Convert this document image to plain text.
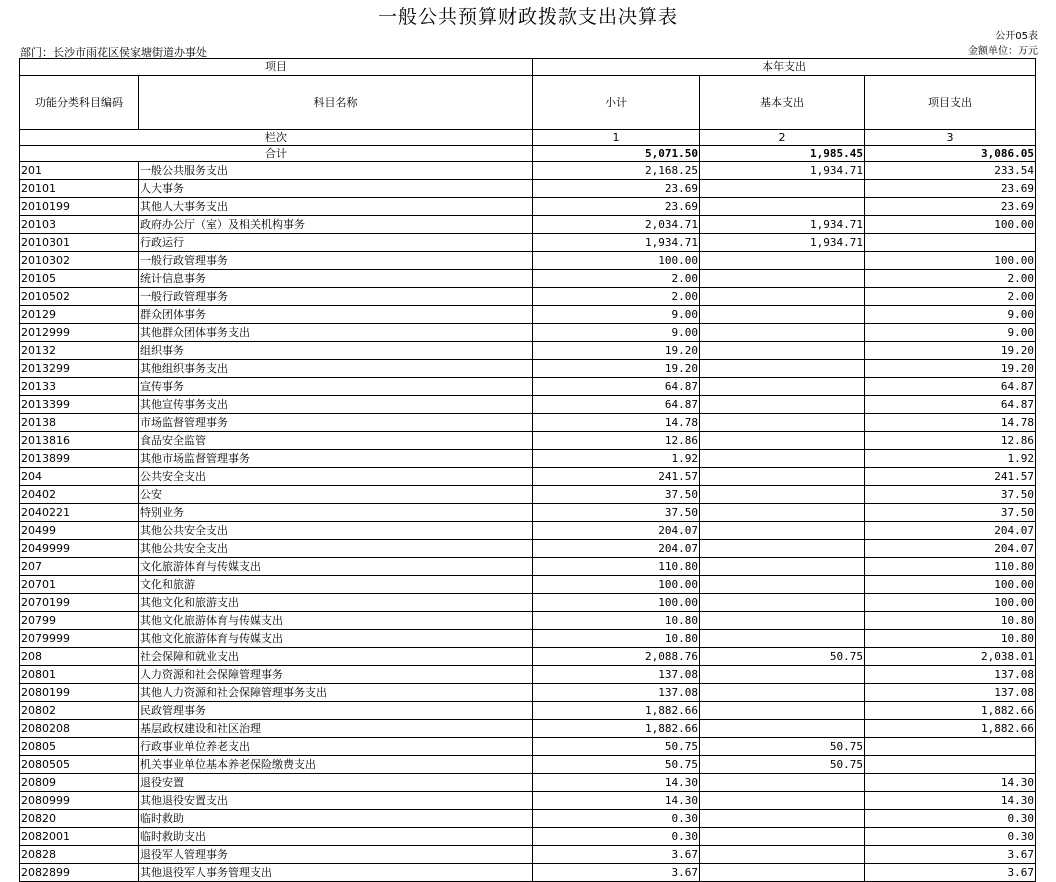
一般公共预算财政拨款支出决算表
公开05表
部门：长沙市雨花区侯家塘街道办事处	金额单位：万元
项目		本年支出		
功能分类科目编码	科目名称	小计	基本支出	项目支出
栏次		1	2	3
合计		5,071.50	1,985.45	3,086.05
201	一般公共服务支出	2,168.25	1,934.71	233.54
20101	人大事务	23.69		23.69
2010199	其他人大事务支出	23.69		23.69
20103	政府办公厅（室）及相关机构事务	2,034.71	1,934.71	100.00
2010301	行政运行	1,934.71	1,934.71	
2010302	一般行政管理事务	100.00		100.00
20105	统计信息事务	2.00		2.00
2010502	一般行政管理事务	2.00		2.00
20129	群众团体事务	9.00		9.00
2012999	其他群众团体事务支出	9.00		9.00
20132	组织事务	19.20		19.20
2013299	其他组织事务支出	19.20		19.20
20133	宣传事务	64.87		64.87
2013399	其他宣传事务支出	64.87		64.87
20138	市场监督管理事务	14.78		14.78
2013816	食品安全监管	12.86		12.86
2013899	其他市场监督管理事务	1.92		1.92
204	公共安全支出	241.57		241.57
20402	公安	37.50		37.50
2040221	特别业务	37.50		37.50
20499	其他公共安全支出	204.07		204.07
2049999	其他公共安全支出	204.07		204.07
207	文化旅游体育与传媒支出	110.80		110.80
20701	文化和旅游	100.00		100.00
2070199	其他文化和旅游支出	100.00		100.00
20799	其他文化旅游体育与传媒支出	10.80		10.80
2079999	其他文化旅游体育与传媒支出	10.80		10.80
208	社会保障和就业支出	2,088.76	50.75	2,038.01
20801	人力资源和社会保障管理事务	137.08		137.08
2080199	其他人力资源和社会保障管理事务支出	137.08		137.08
20802	民政管理事务	1,882.66		1,882.66
2080208	基层政权建设和社区治理	1,882.66		1,882.66
20805	行政事业单位养老支出	50.75	50.75	
2080505	机关事业单位基本养老保险缴费支出	50.75	50.75	
20809	退役安置	14.30		14.30
2080999	其他退役安置支出	14.30		14.30
20820	临时救助	0.30		0.30
2082001	临时救助支出	0.30		0.30
20828	退役军人管理事务	3.67		3.67
2082899	其他退役军人事务管理支出	3.67		3.67
